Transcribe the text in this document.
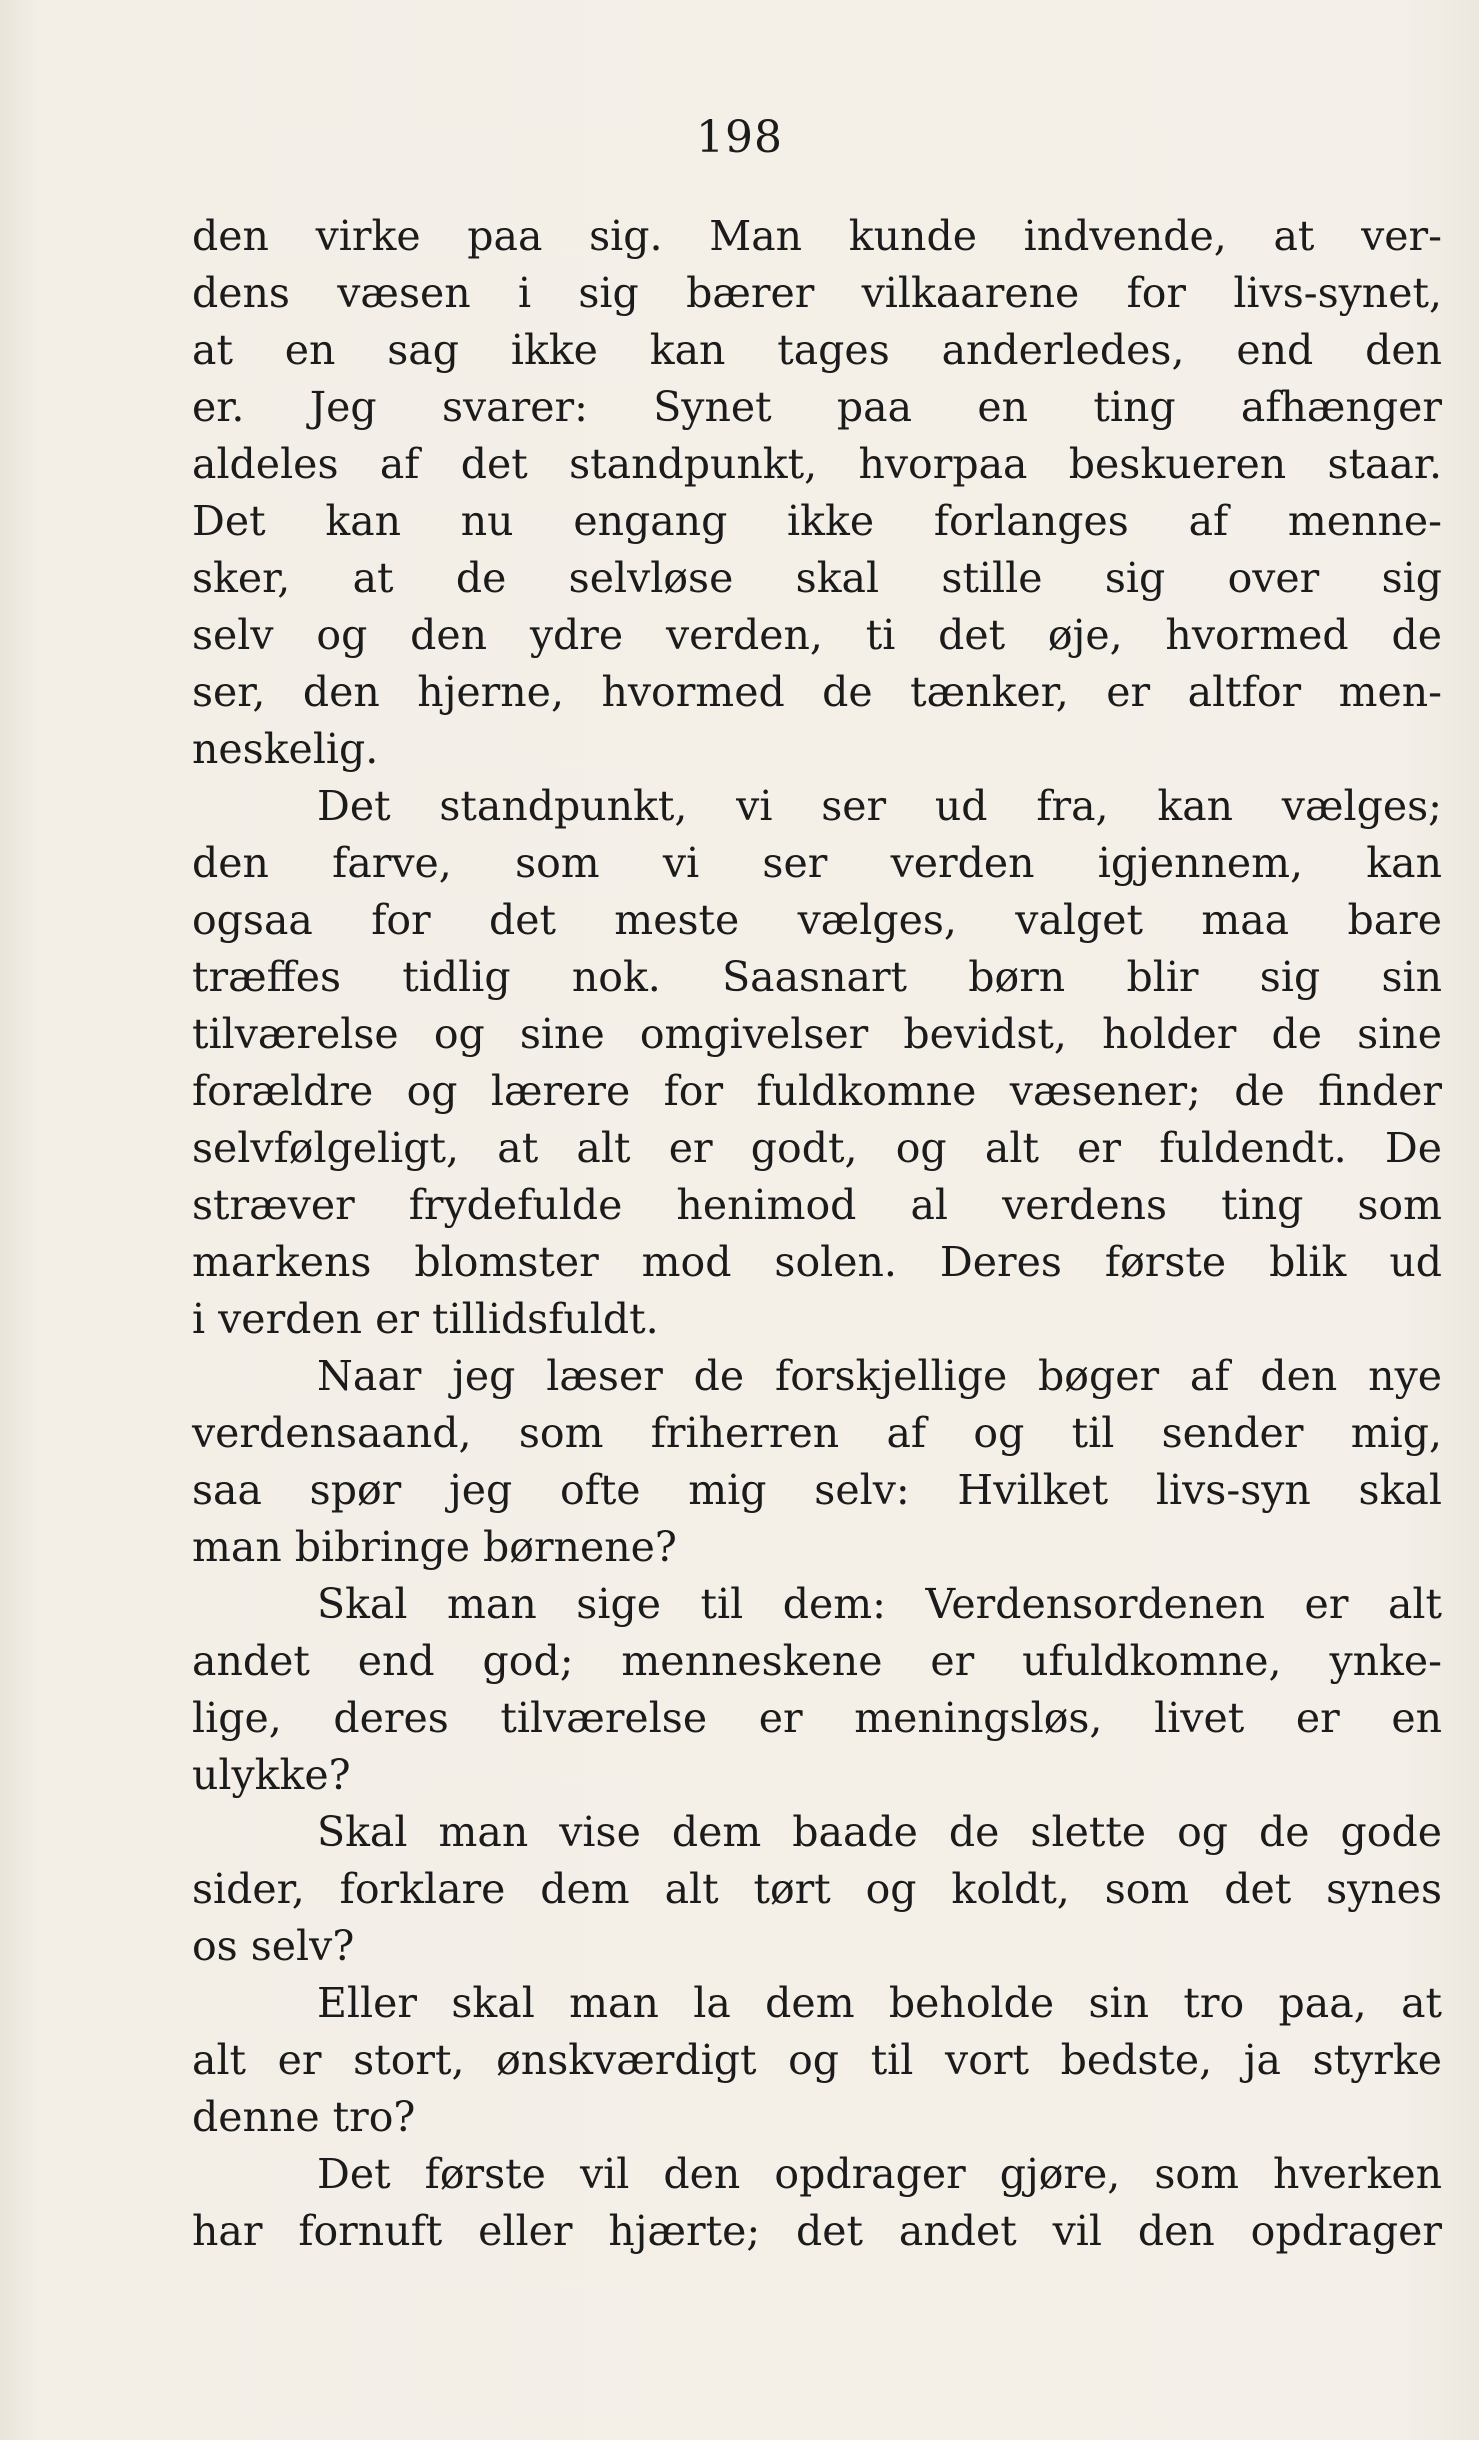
198
den virke paa sig. Man kunde indvende, at ver-
dens væsen i sig bærer vilkaarene for livs-synet,
at en sag ikke kan tages anderledes, end den
er. Jeg svarer: Synet paa en ting afhænger
aldeles af det standpunkt, hvorpaa beskueren staar.
Det kan nu engang ikke forlanges af menne-
sker, at de selvløse skal stille sig over sig
selv og den ydre verden, ti det øje, hvormed de
ser, den hjerne, hvormed de tænker, er altfor men-
neskelig.
Det standpunkt, vi ser ud fra, kan vælges;
den farve, som vi ser verden igjennem, kan
ogsaa for det meste vælges, valget maa bare
træffes tidlig nok. Saasnart børn blir sig sin
tilværelse og sine omgivelser bevidst, holder de sine
forældre og lærere for fuldkomne væsener; de finder
selvfølgeligt, at alt er godt, og alt er fuldendt. De
stræver frydefulde henimod al verdens ting som
markens blomster mod solen. Deres første blik ud
i verden er tillidsfuldt.
Naar jeg læser de forskjellige bøger af den nye
verdensaand, som friherren af og til sender mig,
saa spør jeg ofte mig selv: Hvilket livs-syn skal
man bibringe børnene?
Skal man sige til dem: Verdensordenen er alt
andet end god; menneskene er ufuldkomne, ynke-
lige, deres tilværelse er meningsløs, livet er en
ulykke?
Skal man vise dem baade de slette og de gode
sider, forklare dem alt tørt og koldt, som det synes
os selv?
Eller skal man la dem beholde sin tro paa, at
alt er stort, ønskværdigt og til vort bedste, ja styrke
denne tro?
Det første vil den opdrager gjøre, som hverken
har fornuft eller hjærte; det andet vil den opdrager
